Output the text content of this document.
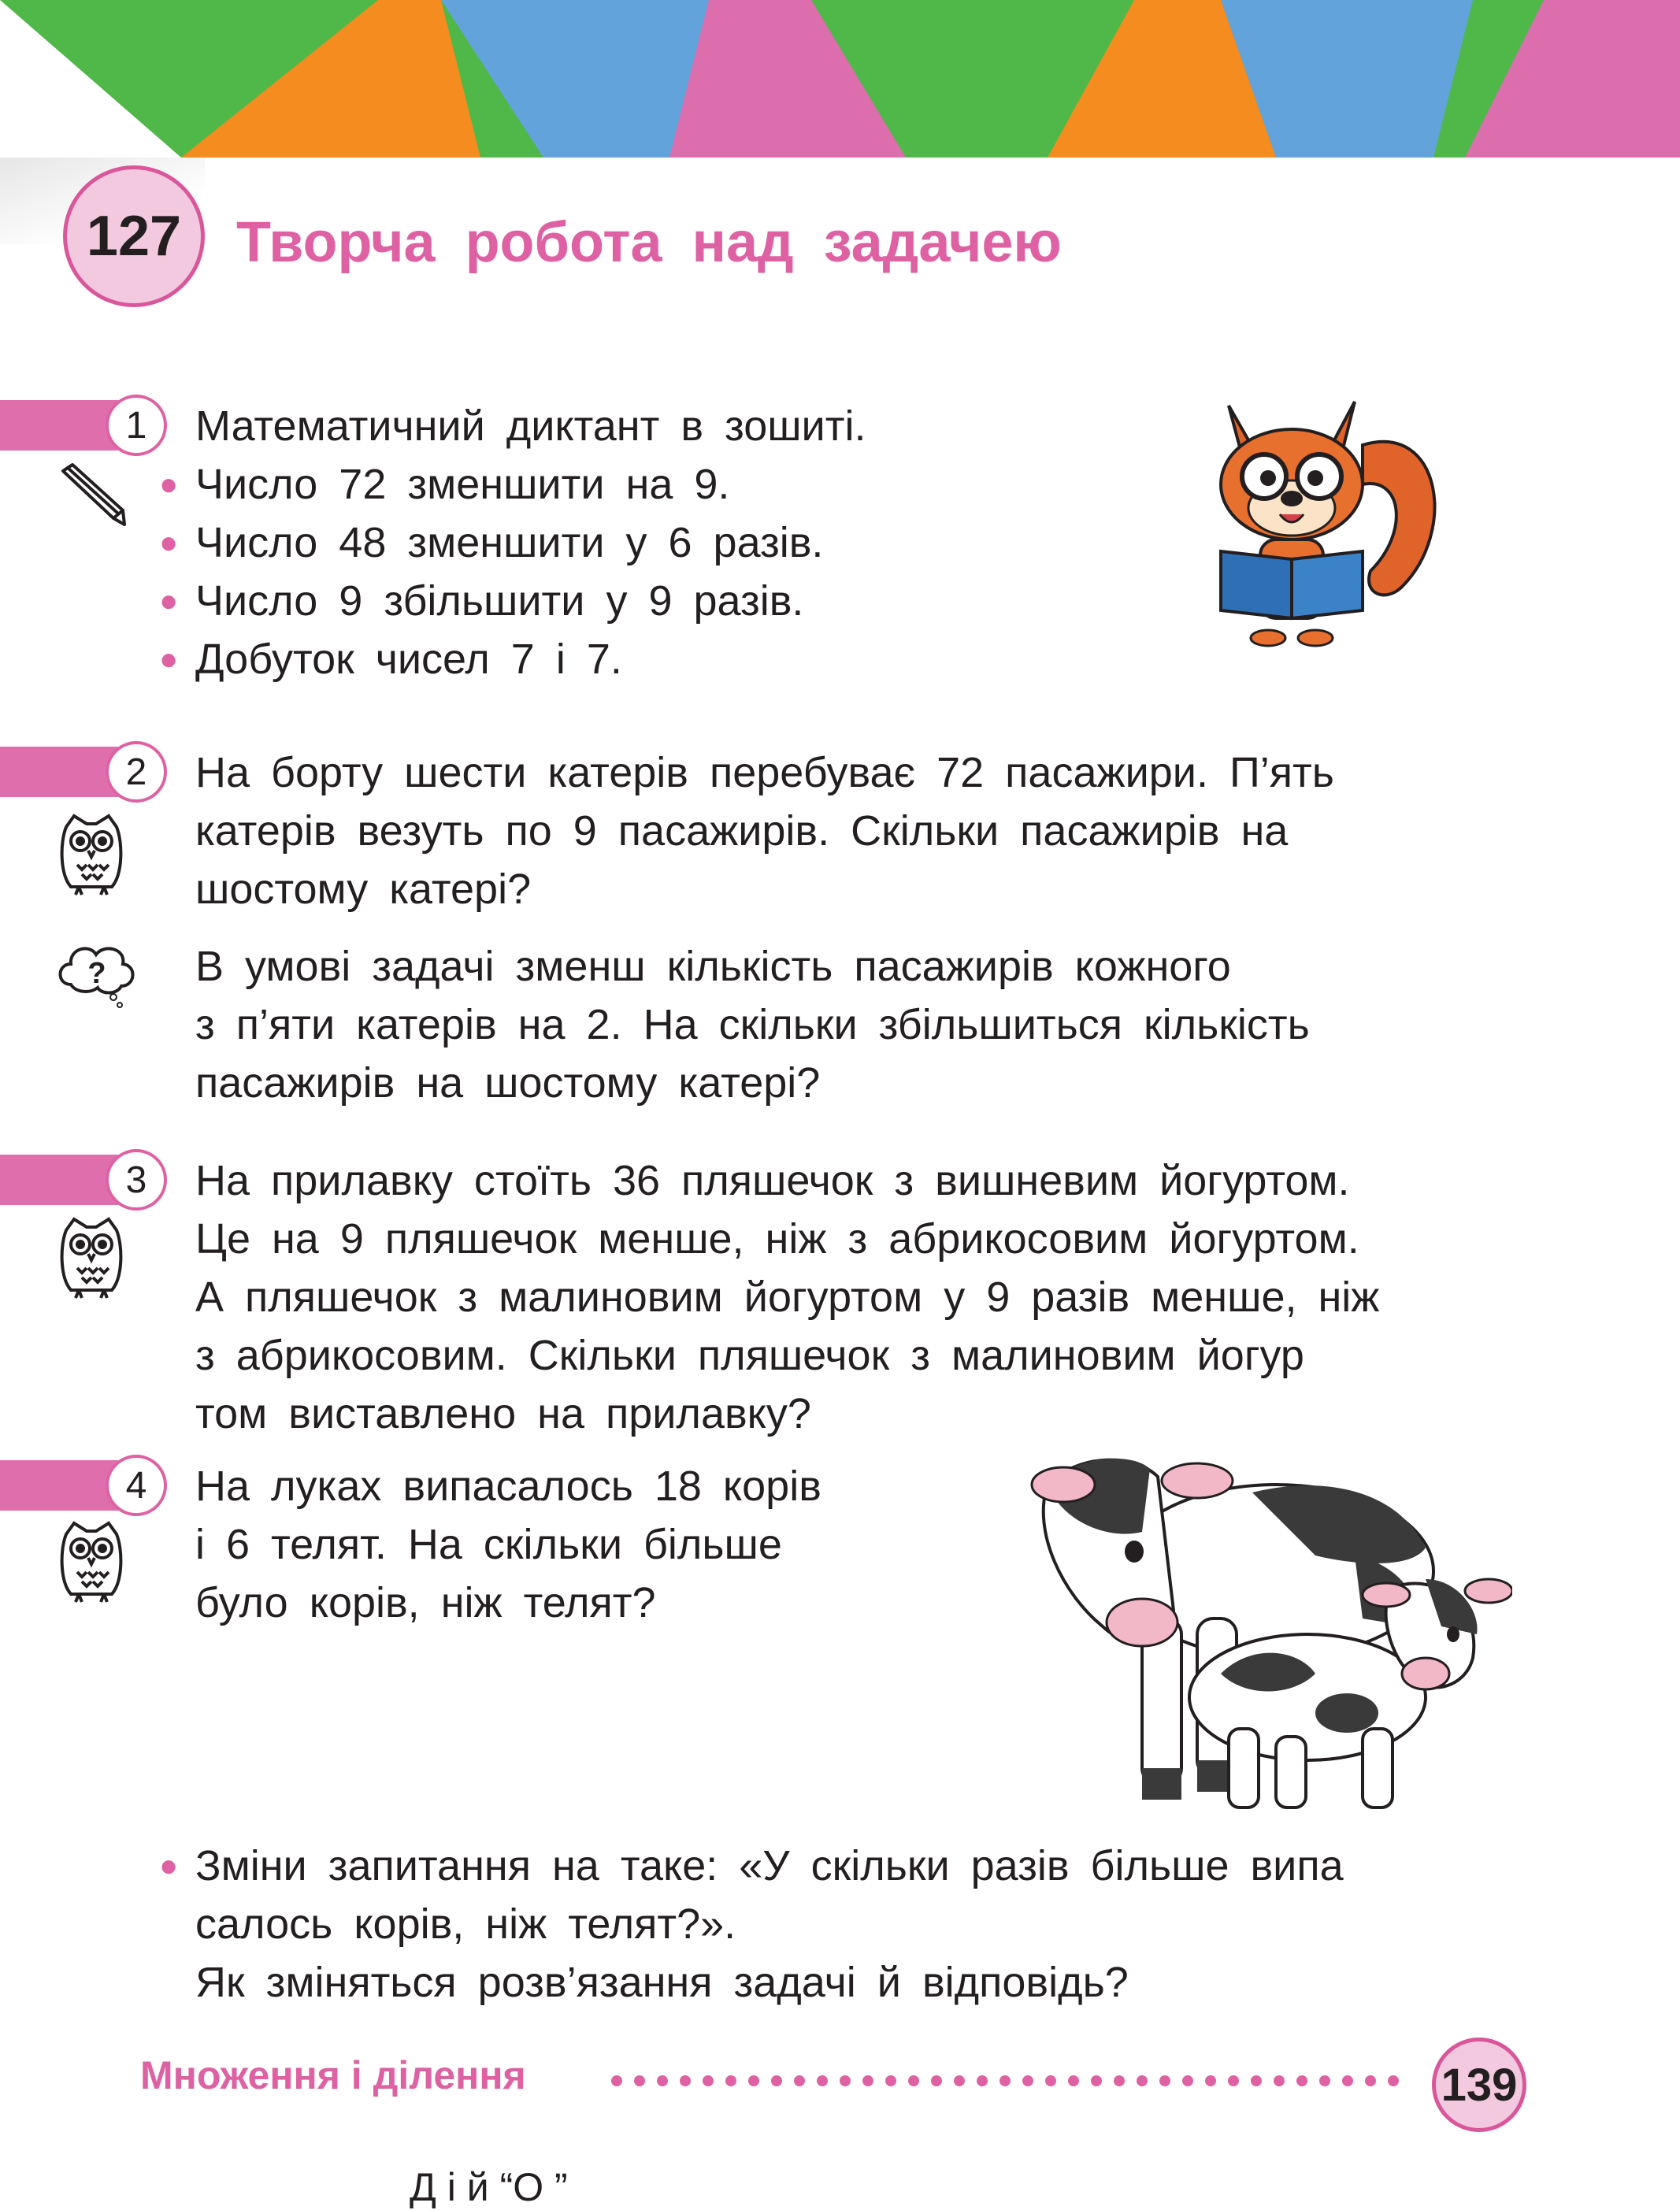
127 Творча робота над задачею
1	Математичний диктант в зошиті.
● Число 72 зменшити на 9.
● Число 48 зменшити у 6 разів.
● Число 9 збільшити у 9 разів.
● Добуток чисел 7 і 7.
2	На борту шести катерів перебуває 72 пасажири. П’ять
катерів везуть по 9 пасажирів. Скільки пасажирів на
шостому катері?
? В умові задачі зменш кількість пасажирів кожного
з п’яти катерів на 2. На скільки збільшиться кількість
пасажирів на шостому катері?
3	На прилавку стоїть 36 пляшечок з вишневим йогуртом.
Це на 9 пляшечок менше, ніж з абрикосовим йогуртом.
А пляшечок з малиновим йогуртом у 9 разів менше, ніж
з абрикосовим. Скільки пляшечок з малиновим йогур
том виставлено на прилавку?
4	На луках випасалось 18 корів
і 6 телят. На скільки більше
було корів, ніж телят?
● Зміни запитання на таке: «У скільки разів більше випа
салось корів, ніж телят?».
Як зміняться розв’язання задачі й відповідь?
Множення і ділення	139
Д і й “О ”
